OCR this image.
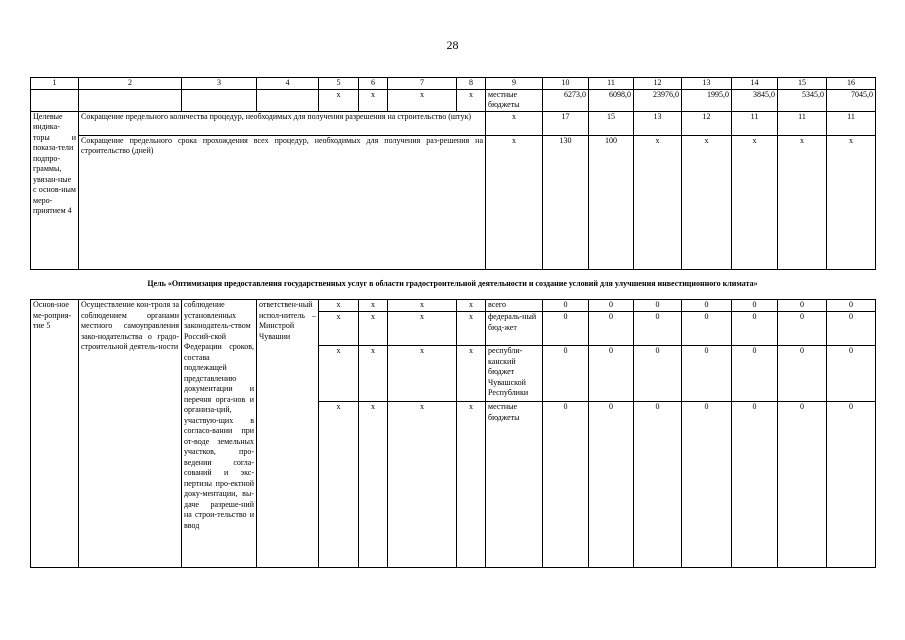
28
1	2	3	4	5	6	7	8	9	10	11	12	13	14	15	16
				x	x	x	x	местные бюджеты	6273,0	6098,0	23976,0	1995,0	3845,0	5345,0	7045,0
Целевые индика-торы и показа-тели подпро-граммы, увязан-ные с основ-ным меро-приятием 4	Сокращение предельного количества процедур, необходимых для получения разрешения на строительство (штук)							x	17	15	13	12	11	11	11
	Сокращение предельного срока прохождения всех процедур, необходимых для получения раз-решения на строительство (дней)							x	130	100	x	x	x	x	x
Цель «Оптимизация предоставления государственных услуг в области градостроительной деятельности и создание условий для улучшения инвестиционного климата»
Основ-ное ме-роприя-тие 5	Осуществление кон-троля за соблюдением органами местного самоуправления зако-нодательства о градо-строительной деятель-ности	соблюдение установленных законодатель-ством Россий-ской Федерации сроков, состава подлежащей представлению документации и перечня орга-нов и организа-ций, участвую-щих в согласо-вании при от-воде земельных участков, про-ведении согла-сований и экс-пертизы про-ектной доку-ментации, вы-даче разреше-ний на строи-тельство и ввод	ответствен-ный испол-нитель – Минстрой Чувашии	x	x	x	x	всего	0	0	0	0	0	0	0
				x	x	x	x	федераль-ный бюд-жет	0	0	0	0	0	0	0
				x	x	x	x	республи-канский бюджет Чувашской Республики	0	0	0	0	0	0	0
				x	x	x	x	местные бюджеты	0	0	0	0	0	0	0
